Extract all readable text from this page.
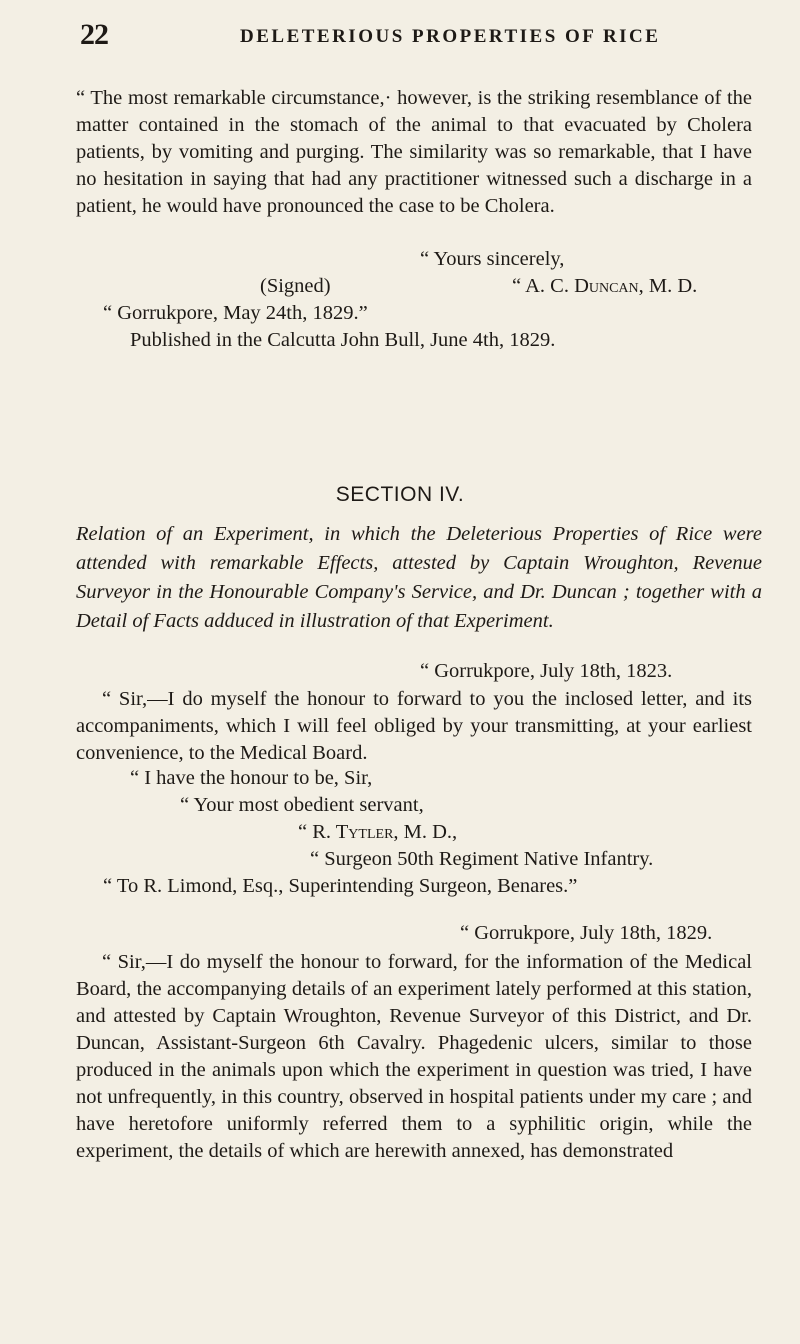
22	DELETERIOUS PROPERTIES OF RICE
“ The most remarkable circumstance,· however, is the striking resemblance of the matter contained in the stomach of the animal to that evacuated by Cholera patients, by vomiting and purging. The similarity was so remarkable, that I have no hesitation in saying that had any practitioner witnessed such a discharge in a patient, he would have pronounced the case to be Cholera.
“ Yours sincerely,
(Signed)	“ A. C. Duncan, M. D.
“ Gorrukpore, May 24th, 1829.”
Published in the Calcutta John Bull, June 4th, 1829.
SECTION IV.
Relation of an Experiment, in which the Deleterious Properties of Rice were attended with remarkable Effects, attested by Captain Wroughton, Revenue Surveyor in the Honourable Company's Service, and Dr. Duncan ; together with a Detail of Facts adduced in illustration of that Experiment.
“ Gorrukpore, July 18th, 1823.
“ Sir,—I do myself the honour to forward to you the inclosed letter, and its accompaniments, which I will feel obliged by your transmitting, at your earliest convenience, to the Medical Board.
“ I have the honour to be, Sir,
“ Your most obedient servant,
“ R. Tytler, M. D.,
“ Surgeon 50th Regiment Native Infantry.
“ To R. Limond, Esq., Superintending Surgeon, Benares.”
“ Gorrukpore, July 18th, 1829.
“ Sir,—I do myself the honour to forward, for the information of the Medical Board, the accompanying details of an experiment lately performed at this station, and attested by Captain Wroughton, Revenue Surveyor of this District, and Dr. Duncan, Assistant-Surgeon 6th Cavalry. Phagedenic ulcers, similar to those produced in the animals upon which the experiment in question was tried, I have not unfrequently, in this country, observed in hospital patients under my care ; and have heretofore uniformly referred them to a syphilitic origin, while the experiment, the details of which are herewith annexed, has demonstrated
